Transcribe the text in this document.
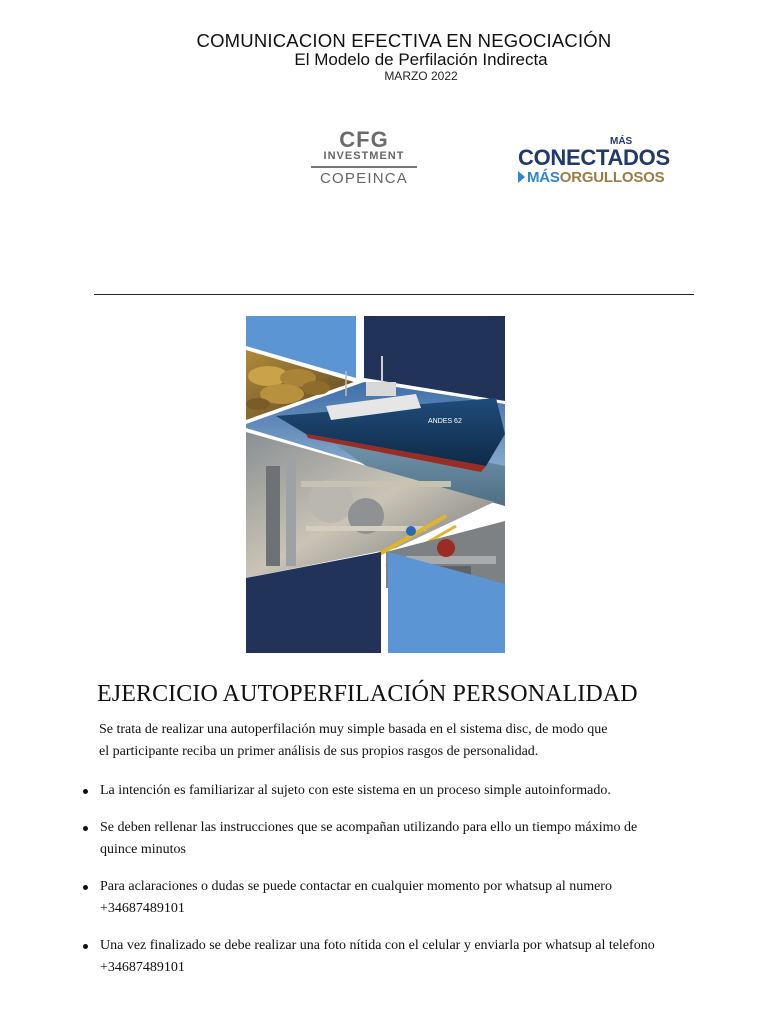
COMUNICACION EFECTIVA EN NEGOCIACIÓN
El Modelo de Perfilación Indirecta
MARZO 2022
CFG
INVESTMENT
COPEINCA
MÁS
CONECTADOS
MÁSORGULLOSOS
ANDES 62
EJERCICIO AUTOPERFILACIÓN PERSONALIDAD
Se trata de realizar una autoperfilación muy simple basada en el sistema disc, de modo que
el participante reciba un primer análisis de sus propios rasgos de personalidad.
La intención es familiarizar al sujeto con este sistema en un proceso simple autoinformado.
Se deben rellenar las instrucciones que se acompañan utilizando para ello un tiempo máximo de
quince minutos
Para aclaraciones o dudas se puede contactar en cualquier momento por whatsup al numero
+34687489101
Una vez finalizado se debe realizar una foto nítida con el celular y enviarla por whatsup al telefono
+34687489101
